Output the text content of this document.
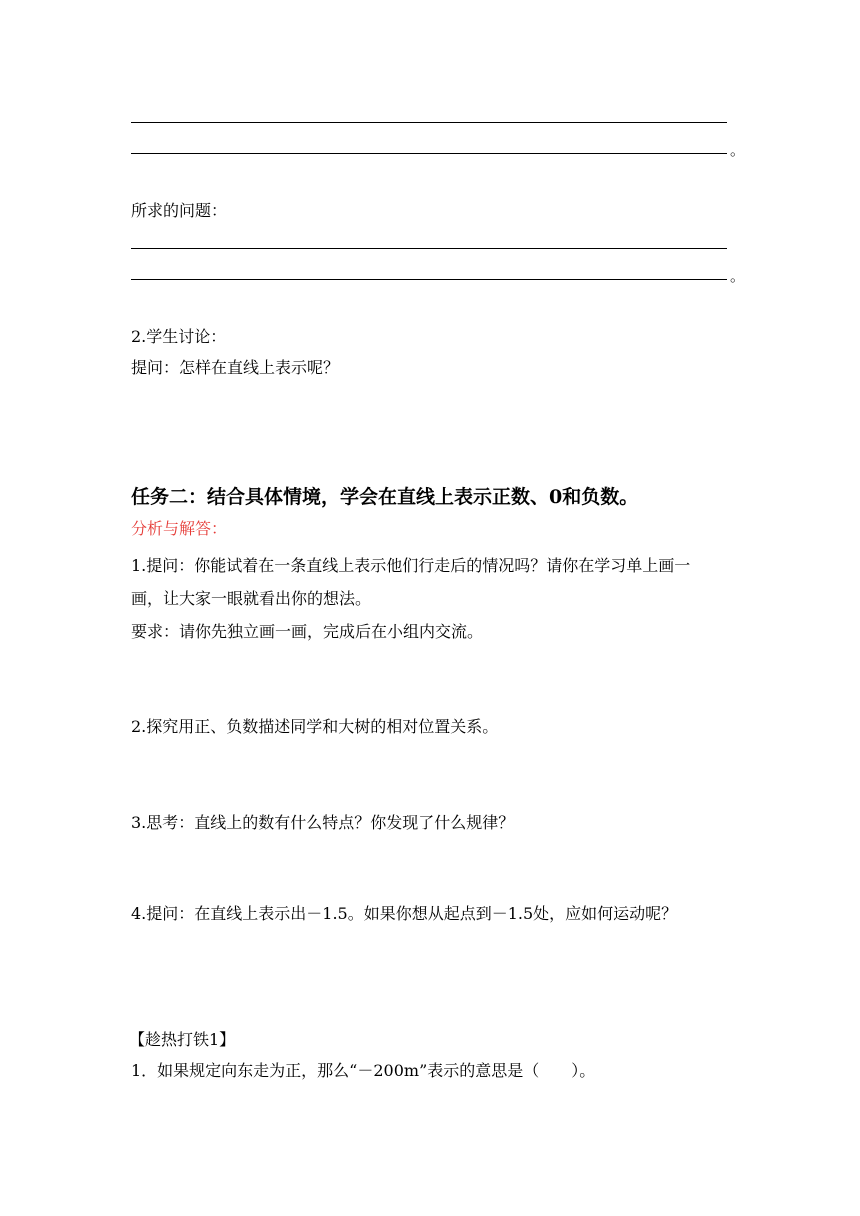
。
所求的问题：
。
2.学生讨论：
提问：怎样在直线上表示呢？
任务二：结合具体情境，学会在直线上表示正数、0和负数。
分析与解答：
1.提问：你能试着在一条直线上表示他们行走后的情况吗？请你在学习单上画一
画，让大家一眼就看出你的想法。
要求：请你先独立画一画，完成后在小组内交流。
2.探究用正、负数描述同学和大树的相对位置关系。
3.思考：直线上的数有什么特点？你发现了什么规律？
4.提问：在直线上表示出－1.5。如果你想从起点到－1.5处，应如何运动呢？
【趁热打铁1】
1．如果规定向东走为正，那么“－200m”表示的意思是（　　）。
